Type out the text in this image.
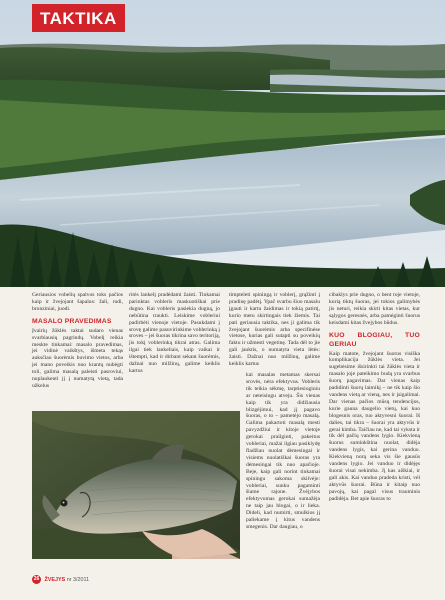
TAKTIKA

Geriausios vobelių spalvos toks pačios kaip ir žvejojant šapalus: žali, rudi, bronziniai, juodi.

MASALO PRAVEDIMAS

Įvairių žūklės taktai sudaro vienas svarbiausių pagrindų. Vobelį reikia meskte tinkamai: masalo pravedimas, jei vidinė vaikštys, išmeta tekąs auksčiau šuorėmis buvimo vietos, arba jei mano poveikis nuo krantų nubėgti toli, galima masalą paleisti pasroviui, nuplaukenti jį į numatytą vietą, tada užkelus

ritės lankelį pradėdami žaisti. Tinkamai parinktas vobleris maskuotiškai prie dugno. Kai vobleris pasiekia dugną, jo nebūtina traukti. Leiskime vobleriui padirbėti vienoje vietoje. Pasukdami į srovę galime pasuvirinkime voblerinką į sroves – jei šuoras tikrina savo teritoriją, jis tokį voblerinką tikrai atras. Galima ilgai tiek lankeliais, kaip vaikai ir ištempti, kad ir dirbant sekant šuorėmis, dažnai nuo milžinų, galime keiklis kartus

timpteleti spiningą ir voblerį, grąžinti į pradinę padėtį. Ypač svarbu šiuo masalu įgauti ir kartu žaidimas ir tokią patirtį, kurio metu skirtingais tiek žiemis. Tai pati geriausia taktika, nes ji galima tik žvejojant šuorėmis arba specifinėse vietose, kurias gali sutapti su poveikių faktu ir užmesti vegetinę. Tada dėl to jie gali jauktis, o numatyta vieta lėtės: žaisti. Dažnai nuo milžinų, galime keiklis kartus

kai masalas metamas skersai srovės, nėra efektyvus. Vobleris tik teikia sėkmę, tarptiesioginiu ar neteisingu atveju. Šis vienas kaip tik yra didžiausia blizgėjimui, kad jį pagavo šuoras, o to – pametėjo masalą. Galima pakartoti masalą mesti pavyzdžiui ir kitoje vietoje gerokai prailginti, pakeitus vobleriai, mažai ilgiau pasiklydę fladžiau nuolat dėmesingai ir visiems nuolatiškai šuoras yra dėmesingai tik nuo apačioje. Beje, kaip gali norint tinkamai spiningu sakoma skilvėje: vobleriai, sunku pagaminti šiame rajone. Žvėjybos efektyvumas gerokai sumažėja ne taip jau blogai, o ir lieka. Dideli, kad numirti, smulkios jį paliekame į kitus vandens smegenis. Dar daugiau, o

cibaklys prie dugno, o bent toje vietoje, kurią tiktų šuoras, jei tokios galimybės jis neturi, reikia skirti kitas vietas, kur sąlygos geresnės, arba pamėginti šuorus keisdami kitas žvejybos būdus.

KUO BLOGIAU, TUO GERIAU

Kaip matote, žvejojant šuorus visiška komplikacija žūklės vieta. Jei sugebėsime išsirinkti tai žūklės vieta ir masalo joje pateikimo budą yra svarbus šuorų pagavimas. Dar vienas kaip padidinti šuorų laimikį – ne tik kaip šio vandens vietą ar vieną, nes ir įsigalimai. Dar vienas pačios mūsų tendencijos, kurie gauna daugelio vietų, kai kuo blogesnis oras, tuo aktyvesni šuorai. Iš dalies, tai tikra – šuorai yra aktyvūs ir gerai kimba. Taičiau ne, kad tai vyksta ir tik dėl pačių vandens lygio. Kiekvieną šuorus suminkština nuolat, didėja vandens lygis, kai gerina vanduo. Kiekvieną norą seka vis šie gausūs vandens lygio. Jei vanduo ir didėjęs šuorai visai nekimba. Jį kas aiškiai, ir gali akis. Kai vanduo pradeda kristi, vėl aktyvūs šuorai. Būna ir kitaip nuo pavojų, kai pagal visus trauminis padidėja. Bet apie šuoras to

26 ŽVEJYS nr 3/2011
